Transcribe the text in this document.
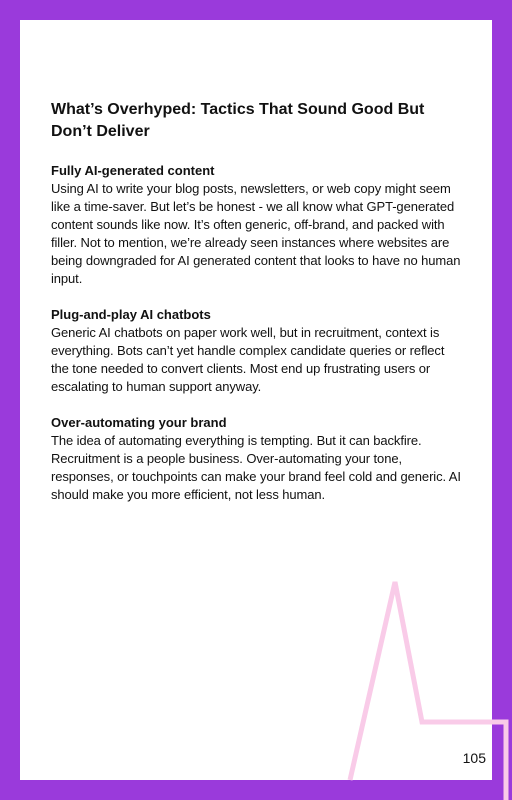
What’s Overhyped: Tactics That Sound Good But Don’t Deliver
Fully AI-generated content

Using AI to write your blog posts, newsletters, or web copy might seem like a time-saver. But let’s be honest - we all know what GPT-generated content sounds like now. It’s often generic, off-brand, and packed with filler. Not to mention, we’re already seen instances where websites are being downgraded for AI generated content that looks to have no human input.

Plug-and-play AI chatbots

Generic AI chatbots on paper work well, but in recruitment, context is everything. Bots can’t yet handle complex candidate queries or reflect the tone needed to convert clients. Most end up frustrating users or escalating to human support anyway.

Over-automating your brand

The idea of automating everything is tempting. But it can backfire. Recruitment is a people business. Over-automating your tone, responses, or touchpoints can make your brand feel cold and generic. AI should make you more efficient, not less human.

105
